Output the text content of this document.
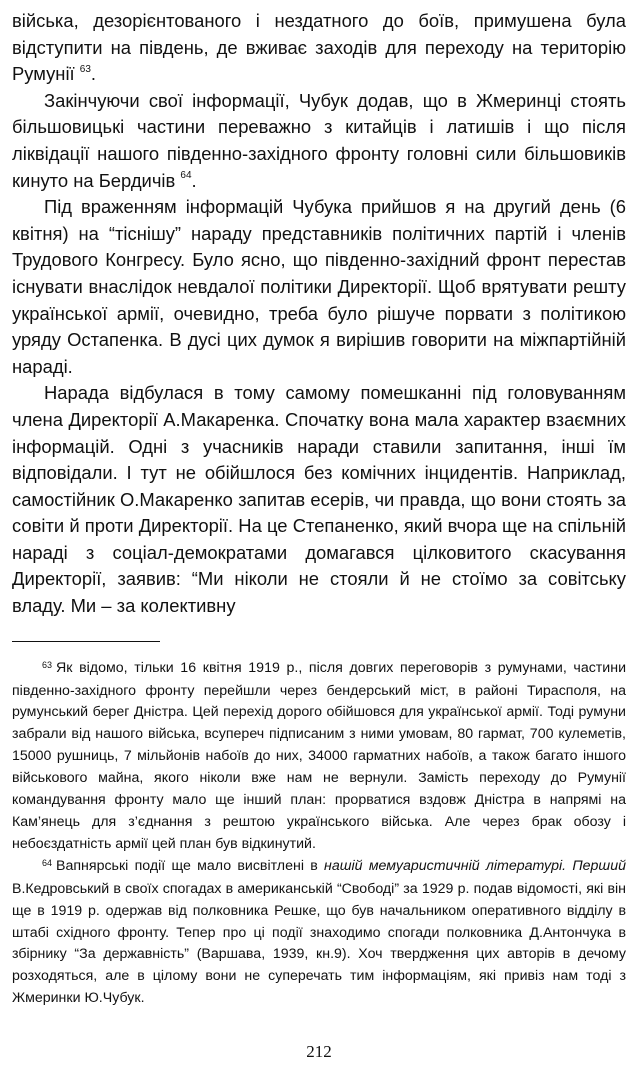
війська, дезорієнтованого і нездатного до боїв, примушена була відступити на південь, де вживає заходів для переходу на територію Румунії $^{63}$.

Закінчуючи свої інформації, Чубук додав, що в Жмеринці стоять більшовицькі частини переважно з китайців і латишів і що після ліквідації нашого південно-західного фронту головні сили більшовиків кинуто на Бердичів $^{64}$.

Під враженням інформацій Чубука прийшов я на другий день (6 квітня) на “тіснішу” нараду представників політичних партій і членів Трудового Конгресу. Було ясно, що південно-західний фронт перестав існувати внаслідок невдалої політики Директорії. Щоб врятувати решту української армії, очевидно, треба було рішуче порвати з політикою уряду Остапенка. В дусі цих думок я вирішив говорити на міжпартійній нараді.

Нарада відбулася в тому самому помешканні під головуванням члена Директорії А.Макаренка. Спочатку вона мала характер взаємних інформацій. Одні з учасників наради ставили запитання, інші їм відповідали. І тут не обійшлося без комічних інцидентів. Наприклад, самостійник О.Макаренко запитав есерів, чи правда, що вони стоять за совіти й проти Директорії. На це Степаненко, який вчора ще на спільній нараді з соціал-демократами домагався цілковитого скасування Директорії, заявив: “Ми ніколи не стояли й не стоїмо за совітську владу. Ми – за колективну

$^{63}$ Як відомо, тільки 16 квітня 1919 р., після довгих переговорів з румунами, частини південно-західного фронту перейшли через бендерський міст, в районі Тирасполя, на румунський берег Дністра. Цей перехід дорого обійшовся для української армії. Тоді румуни забрали від нашого війська, всупереч підписаним з ними умовам, 80 гармат, 700 кулеметів, 15000 рушниць, 7 мільйонів набоїв до них, 34000 гарматних набоїв, а також багато іншого військового майна, якого ніколи вже нам не вернули. Замість переходу до Румунії командування фронту мало ще інший план: прорватися вздовж Дністра в напрямі на Кам’янець для з’єднання з рештою українського війська. Але через брак обозу і небоєздатність армії цей план був відкинутий.

$^{64}$ Вапнярські події ще мало висвітлені в нашій мемуаристичній літературі. Перший В.Кедровський в своїх спогадах в американській “Свободі” за 1929 р. подав відомості, які він ще в 1919 р. одержав від полковника Решке, що був начальником оперативного відділу в штабі східного фронту. Тепер про ці події знаходимо спогади полковника Д.Антончука в збірнику “За державність” (Варшава, 1939, кн.9). Хоч твердження цих авторів в дечому розходяться, але в цілому вони не суперечать тим інформаціям, які привіз нам тоді з Жмеринки Ю.Чубук.

212
